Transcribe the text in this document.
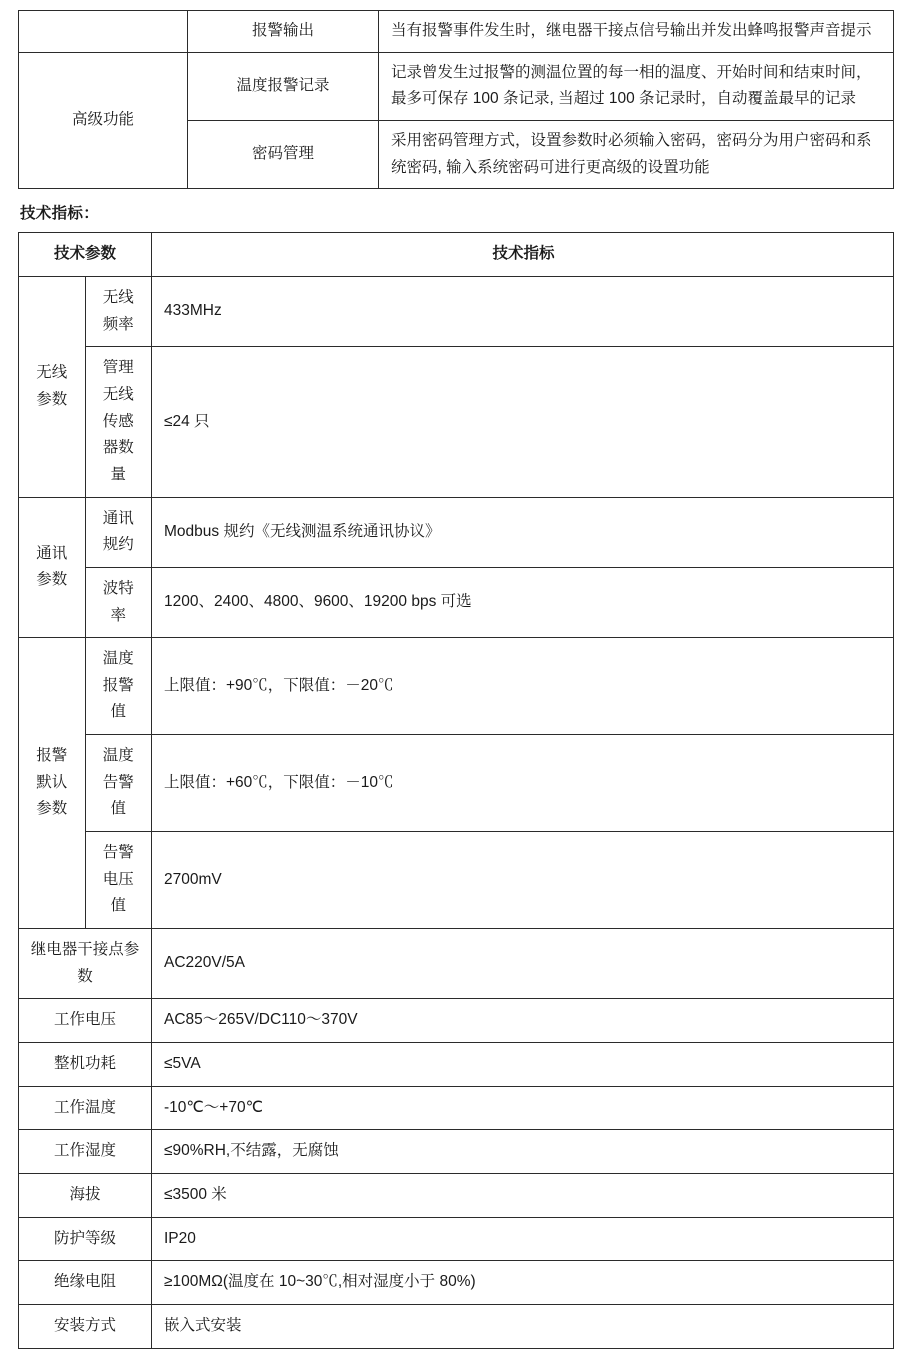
	报警输出	当有报警事件发生时，继电器干接点信号输出并发出蜂鸣报警声音提示
高级功能	温度报警记录	记录曾发生过报警的测温位置的每一相的温度、开始时间和结束时间，最多可保存 100 条记录, 当超过 100 条记录时，自动覆盖最早的记录
	密码管理	采用密码管理方式，设置参数时必须输入密码，密码分为用户密码和系统密码, 输入系统密码可进行更高级的设置功能
技术指标：
技术参数		技术指标
无线参数	无线频率	433MHz
	管理无线传感器数量	≤24 只
通讯参数	通讯规约	Modbus 规约《无线测温系统通讯协议》
	波特率	1200、2400、4800、9600、19200 bps 可选
报警默认参数	温度报警值	上限值：+90℃，下限值：－20℃
	温度告警值	上限值：+60℃，下限值：－10℃
	告警电压值	2700mV
继电器干接点参数		AC220V/5A
工作电压		AC85～265V/DC110～370V
整机功耗		≤5VA
工作温度		-10℃～+70℃
工作湿度		≤90%RH,不结露，无腐蚀
海拔		≤3500 米
防护等级		IP20
绝缘电阻		≥100MΩ(温度在 10~30℃,相对湿度小于 80%)
安装方式		嵌入式安装
